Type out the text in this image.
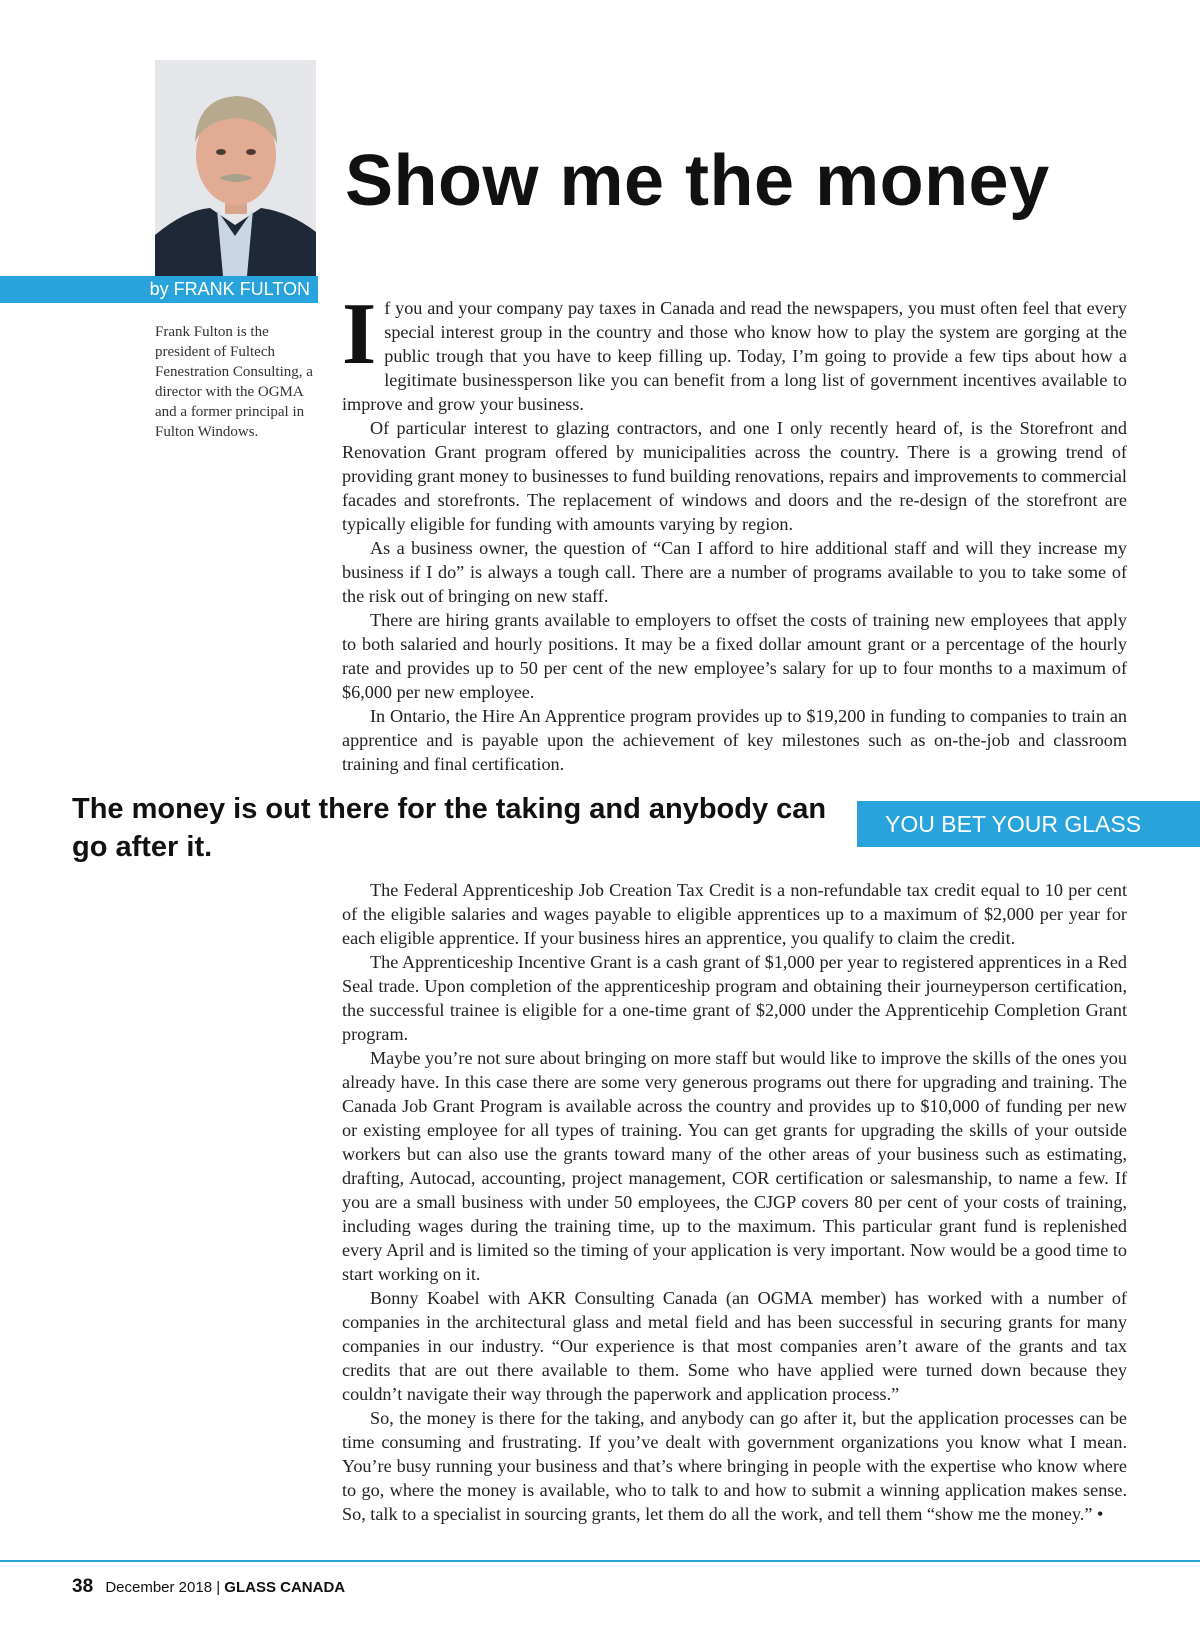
by FRANK FULTON
Frank Fulton is the president of Fultech Fenestration Consulting, a director with the OGMA and a former principal in Fulton Windows.
Show me the money

If you and your company pay taxes in Canada and read the newspapers, you must often feel that every special interest group in the country and those who know how to play the system are gorging at the public trough that you have to keep filling up. Today, I’m going to provide a few tips about how a legitimate businessperson like you can benefit from a long list of government incentives available to improve and grow your business.

Of particular interest to glazing contractors, and one I only recently heard of, is the Storefront and Renovation Grant program offered by municipalities across the country. There is a growing trend of providing grant money to businesses to fund building renovations, repairs and improvements to commercial facades and storefronts. The replacement of windows and doors and the re-design of the storefront are typically eligible for funding with amounts varying by region.

As a business owner, the question of “Can I afford to hire additional staff and will they increase my business if I do” is always a tough call. There are a number of programs available to you to take some of the risk out of bringing on new staff.

There are hiring grants available to employers to offset the costs of training new employees that apply to both salaried and hourly positions. It may be a fixed dollar amount grant or a percentage of the hourly rate and provides up to 50 per cent of the new employee’s salary for up to four months to a maximum of $6,000 per new employee.

In Ontario, the Hire An Apprentice program provides up to $19,200 in funding to companies to train an apprentice and is payable upon the achievement of key milestones such as on-the-job and classroom training and final certification.

The money is out there for the taking and anybody can go after it.
YOU BET YOUR GLASS

The Federal Apprenticeship Job Creation Tax Credit is a non-refundable tax credit equal to 10 per cent of the eligible salaries and wages payable to eligible apprentices up to a maximum of $2,000 per year for each eligible apprentice. If your business hires an apprentice, you qualify to claim the credit.

The Apprenticeship Incentive Grant is a cash grant of $1,000 per year to registered apprentices in a Red Seal trade. Upon completion of the apprenticeship program and obtaining their journeyperson certification, the successful trainee is eligible for a one-time grant of $2,000 under the Apprenticehip Completion Grant program.

Maybe you’re not sure about bringing on more staff but would like to improve the skills of the ones you already have. In this case there are some very generous programs out there for upgrading and training. The Canada Job Grant Program is available across the country and provides up to $10,000 of funding per new or existing employee for all types of training. You can get grants for upgrading the skills of your outside workers but can also use the grants toward many of the other areas of your business such as estimating, drafting, Autocad, accounting, project management, COR certification or salesmanship, to name a few. If you are a small business with under 50 employees, the CJGP covers 80 per cent of your costs of training, including wages during the training time, up to the maximum. This particular grant fund is replenished every April and is limited so the timing of your application is very important. Now would be a good time to start working on it.

Bonny Koabel with AKR Consulting Canada (an OGMA member) has worked with a number of companies in the architectural glass and metal field and has been successful in securing grants for many companies in our industry. “Our experience is that most companies aren’t aware of the grants and tax credits that are out there available to them. Some who have applied were turned down because they couldn’t navigate their way through the paperwork and application process.”

So, the money is there for the taking, and anybody can go after it, but the application processes can be time consuming and frustrating. If you’ve dealt with government organizations you know what I mean. You’re busy running your business and that’s where bringing in people with the expertise who know where to go, where the money is available, who to talk to and how to submit a winning application makes sense. So, talk to a specialist in sourcing grants, let them do all the work, and tell them “show me the money.” •

38 December 2018 | GLASS CANADA
